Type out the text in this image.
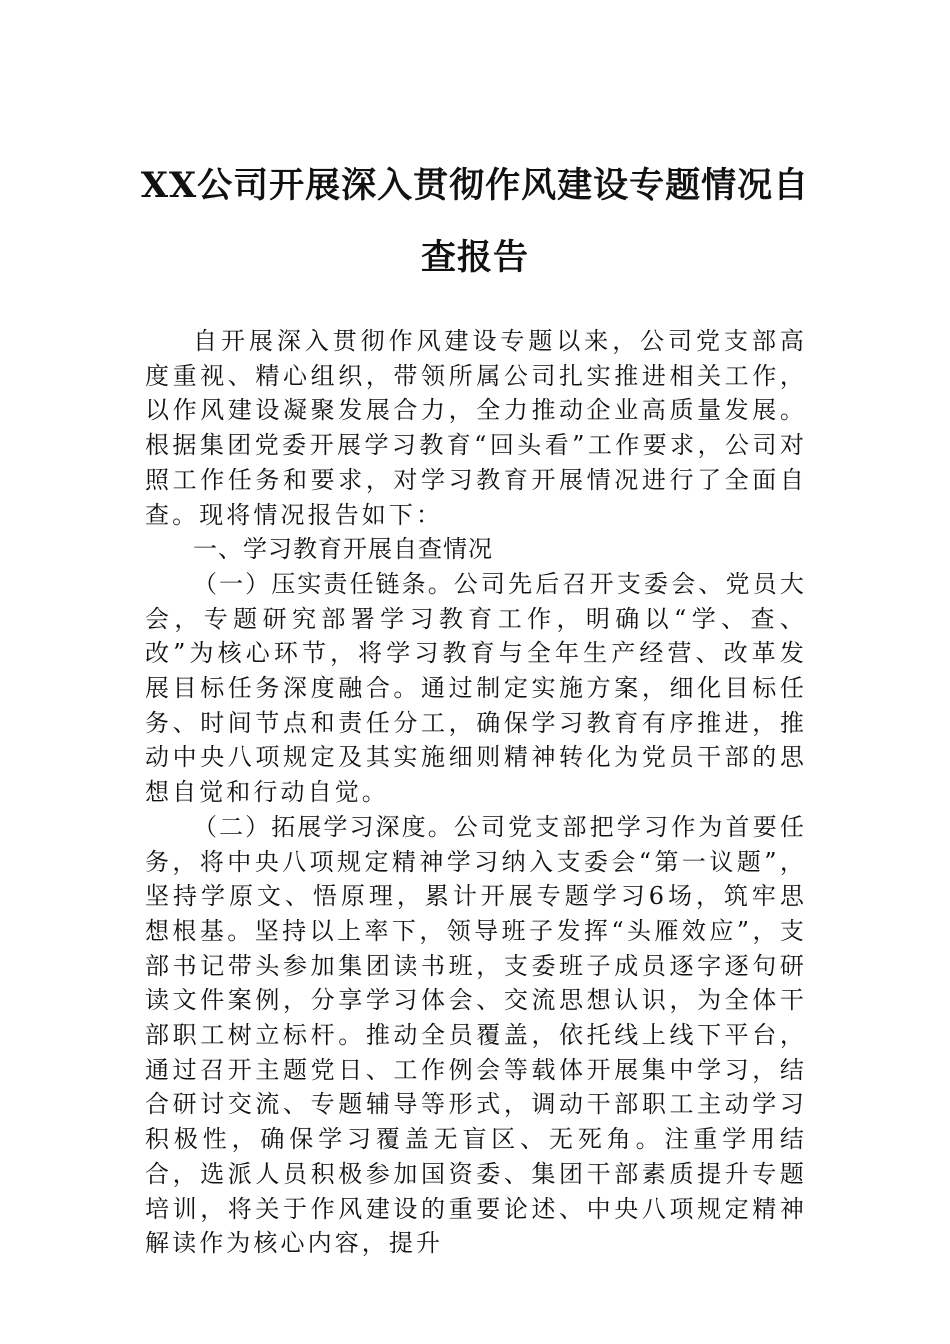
XX公司开展深入贯彻作风建设专题情况自
查报告

自开展深入贯彻作风建设专题以来，公司党支部高度重视、精心组织，带领所属公司扎实推进相关工作，以作风建设凝聚发展合力，全力推动企业高质量发展。根据集团党委开展学习教育“回头看”工作要求，公司对照工作任务和要求，对学习教育开展情况进行了全面自查。现将情况报告如下：

一、学习教育开展自查情况

（一）压实责任链条。公司先后召开支委会、党员大会，专题研究部署学习教育工作，明确以“学、查、改”为核心环节，将学习教育与全年生产经营、改革发展目标任务深度融合。通过制定实施方案，细化目标任务、时间节点和责任分工，确保学习教育有序推进，推动中央八项规定及其实施细则精神转化为党员干部的思想自觉和行动自觉。

（二）拓展学习深度。公司党支部把学习作为首要任务，将中央八项规定精神学习纳入支委会“第一议题”，坚持学原文、悟原理，累计开展专题学习6场，筑牢思想根基。坚持以上率下，领导班子发挥“头雁效应”，支部书记带头参加集团读书班，支委班子成员逐字逐句研读文件案例，分享学习体会、交流思想认识，为全体干部职工树立标杆。推动全员覆盖，依托线上线下平台，通过召开主题党日、工作例会等载体开展集中学习，结合研讨交流、专题辅导等形式，调动干部职工主动学习积极性，确保学习覆盖无盲区、无死角。注重学用结合，选派人员积极参加国资委、集团干部素质提升专题培训，将关于作风建设的重要论述、中央八项规定精神解读作为核心内容，提升
